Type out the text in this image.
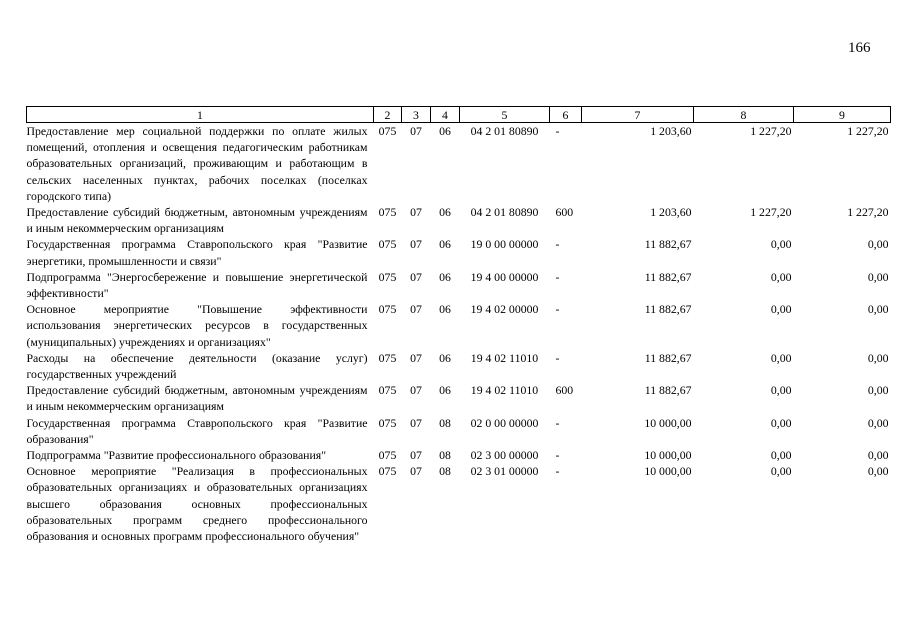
166
1	2	3	4	5	6	7	8	9
Предоставление мер социальной поддержки по оплате жилых помещений, отопления и освещения педагогическим работникам образовательных организаций, проживающим и работающим в сельских населенных пунктах, рабочих поселках (поселках городского типа)	075	07	06	04 2 01 80890	-	1 203,60	1 227,20	1 227,20
Предоставление субсидий бюджетным, автономным учреждениям и иным некоммерческим организациям	075	07	06	04 2 01 80890	600	1 203,60	1 227,20	1 227,20
Государственная программа Ставропольского края "Развитие энергетики, промышленности и связи"	075	07	06	19 0 00 00000	-	11 882,67	0,00	0,00
Подпрограмма "Энергосбережение и повышение энергетической эффективности"	075	07	06	19 4 00 00000	-	11 882,67	0,00	0,00
Основное мероприятие "Повышение эффективности использования энергетических ресурсов в государственных (муниципальных) учреждениях и организациях"	075	07	06	19 4 02 00000	-	11 882,67	0,00	0,00
Расходы на обеспечение деятельности (оказание услуг) государственных учреждений	075	07	06	19 4 02 11010	-	11 882,67	0,00	0,00
Предоставление субсидий бюджетным, автономным учреждениям и иным некоммерческим организациям	075	07	06	19 4 02 11010	600	11 882,67	0,00	0,00
Государственная программа Ставропольского края "Развитие образования"	075	07	08	02 0 00 00000	-	10 000,00	0,00	0,00
Подпрограмма "Развитие профессионального образования"	075	07	08	02 3 00 00000	-	10 000,00	0,00	0,00
Основное мероприятие "Реализация в профессиональных образовательных организациях и образовательных организациях высшего образования основных профессиональных образовательных программ среднего профессионального образования и основных программ профессионального обучения"	075	07	08	02 3 01 00000	-	10 000,00	0,00	0,00
